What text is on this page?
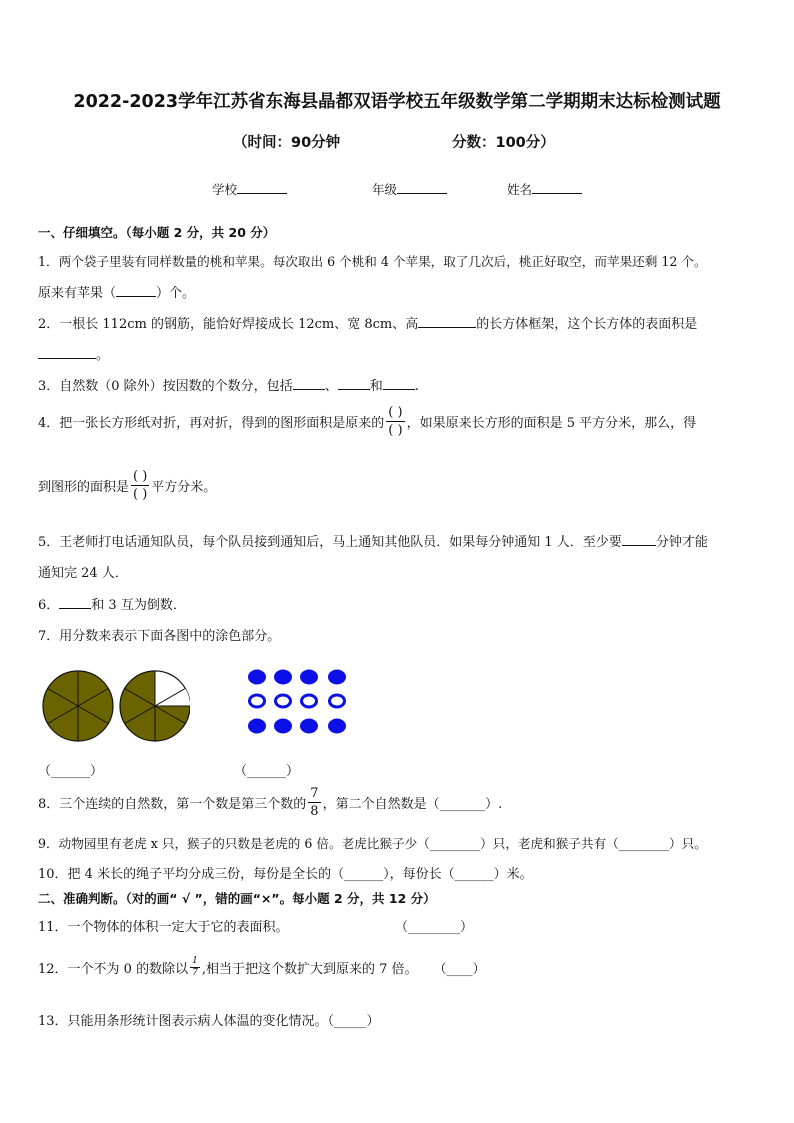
2022-2023学年江苏省东海县晶都双语学校五年级数学第二学期期末达标检测试题
（时间：90分钟	分数：100分）
学校	年级	姓名
一、仔细填空。（每小题 2 分，共 20 分）
1．两个袋子里装有同样数量的桃和苹果。每次取出 6 个桃和 4 个苹果，取了几次后，桃正好取空，而苹果还剩 12 个。
原来有苹果（	）个。
2．一根长 112cm 的钢筋，能恰好焊接成长 12cm、宽 8cm、高	的长方体框架，这个长方体的表面积是
。
3．自然数（0 除外）按因数的个数分，包括 、 和 .
4．把一张长方形纸对折，再对折，得到的图形面积是原来的 $\frac{( )}{( )}$ ，如果原来长方形的面积是 5 平方分米，那么，得
到图形的面积是 $\frac{( )}{( )}$ 平方分米。
5．王老师打电话通知队员，每个队员接到通知后，马上通知其他队员．如果每分钟通知 1 人．至少要	分钟才能
通知完 24 人．
6． 和 3 互为倒数．
7．用分数来表示下面各图中的涂色部分。
（______）	（______）
8．三个连续的自然数，第一个数是第三个数的 $\frac{7}{8}$ ，第二个自然数是（_______）.
9．动物园里有老虎 x 只，猴子的只数是老虎的 6 倍。老虎比猴子少（________）只，老虎和猴子共有（________）只。
10．把 4 米长的绳子平均分成三份，每份是全长的（______），每份长（______）米。
二、准确判断。（对的画“ √ ”，错的画“×”。每小题 2 分，共 12 分）
11．一个物体的体积一定大于它的表面积。	（________）
12．一个不为 0 的数除以 $\frac{1}{7}$ ,相当于把这个数扩大到原来的 7 倍。 （____）
13．只能用条形统计图表示病人体温的变化情况。（_____）
